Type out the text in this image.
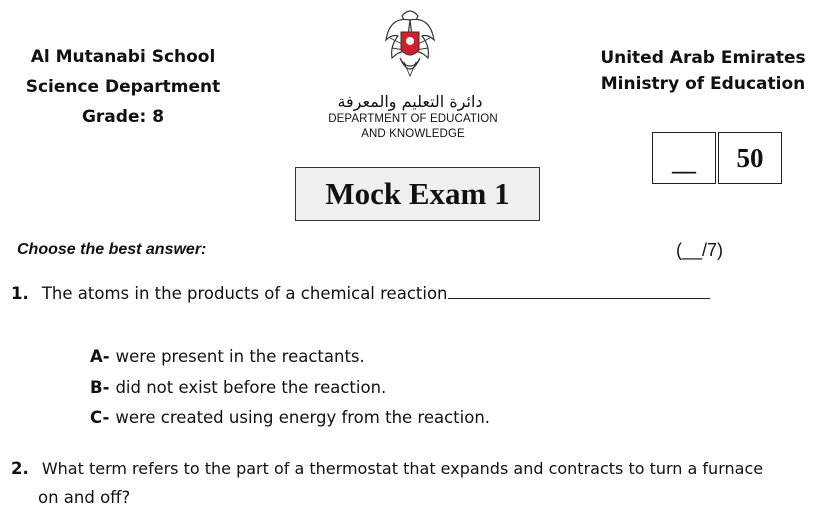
Al Mutanabi School
Science Department
Grade: 8
United Arab Emirates
Ministry of Education
دائرة التعليم والمعرفة
DEPARTMENT OF EDUCATION
AND KNOWLEDGE
__	50
Mock Exam 1
Choose the best answer:	(__/7)
1. The atoms in the products of a chemical reaction
A- were present in the reactants.
B- did not exist before the reaction.
C- were created using energy from the reaction.
2. What term refers to the part of a thermostat that expands and contracts to turn a furnace
on and off?
